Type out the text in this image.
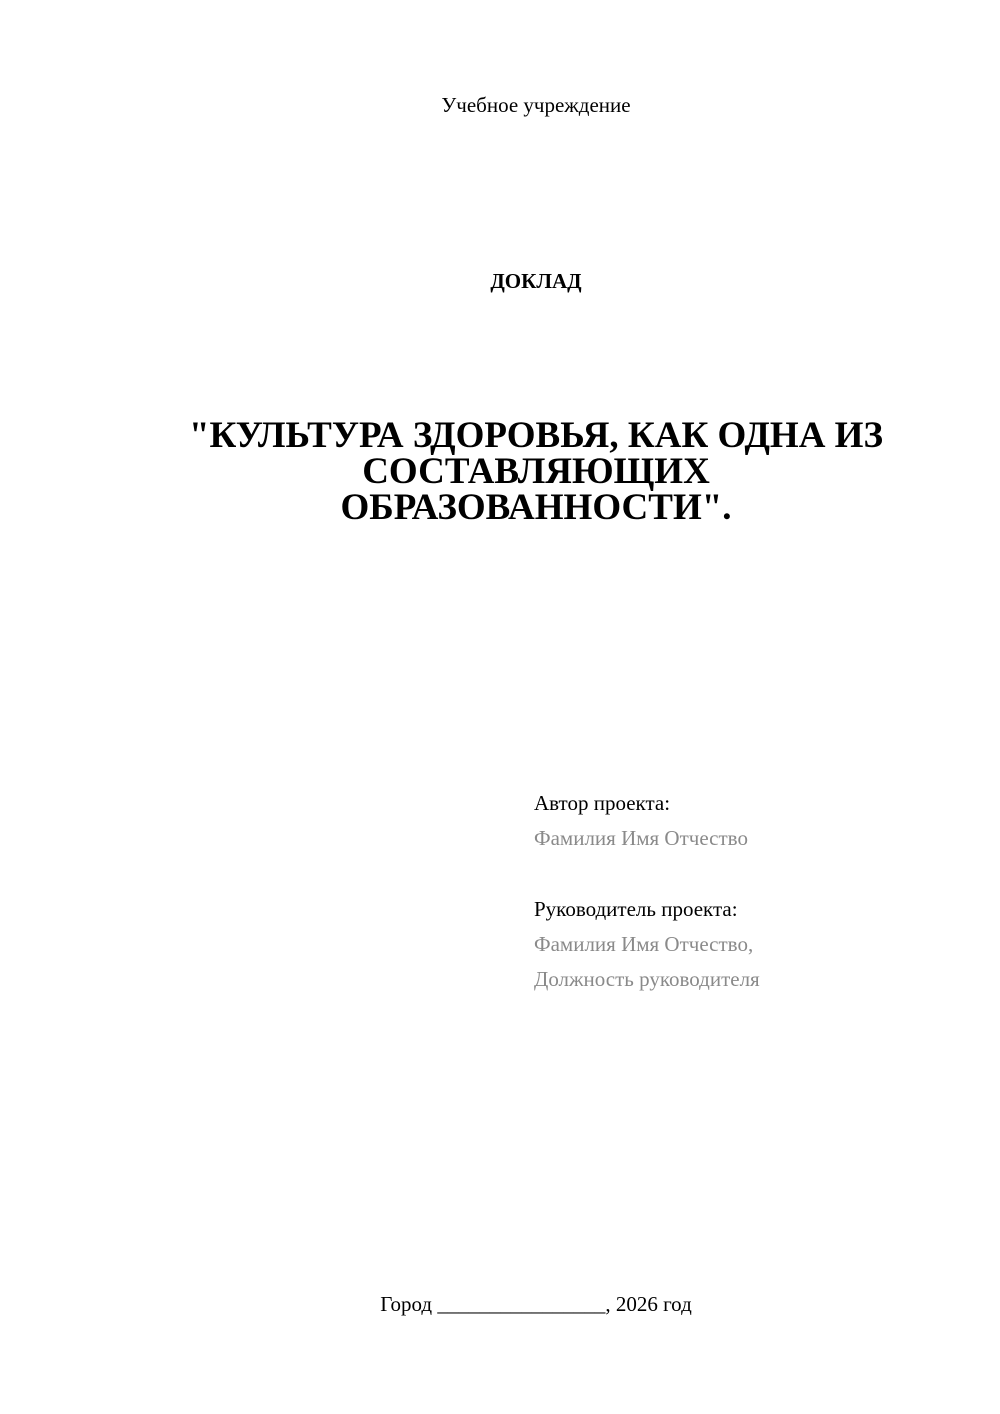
Учебное учреждение
ДОКЛАД
"КУЛЬТУРА ЗДОРОВЬЯ, КАК ОДНА ИЗ
СОСТАВЛЯЮЩИХ
ОБРАЗОВАННОСТИ".
Автор проекта:
Фамилия Имя Отчество
Руководитель проекта:
Фамилия Имя Отчество,
Должность руководителя
Город ________________, 2026 год
